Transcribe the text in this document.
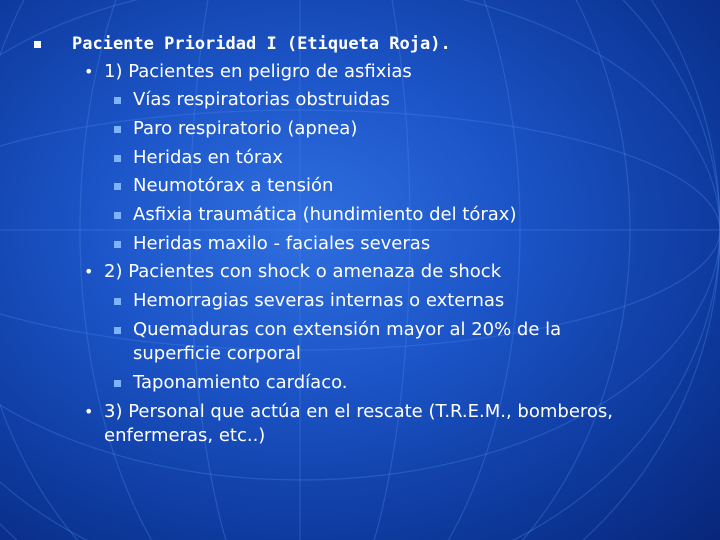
Paciente Prioridad I (Etiqueta Roja).
• 1) Pacientes en peligro de asfixias
Vías respiratorias obstruidas
Paro respiratorio (apnea)
Heridas en tórax
Neumotórax a tensión
Asfixia traumática (hundimiento del tórax)
Heridas maxilo - faciales severas
• 2) Pacientes con shock o amenaza de shock
Hemorragias severas internas o externas
Quemaduras con extensión mayor al 20% de la
superficie corporal
Taponamiento cardíaco.
• 3) Personal que actúa en el rescate (T.R.E.M., bomberos,
enfermeras, etc..)
